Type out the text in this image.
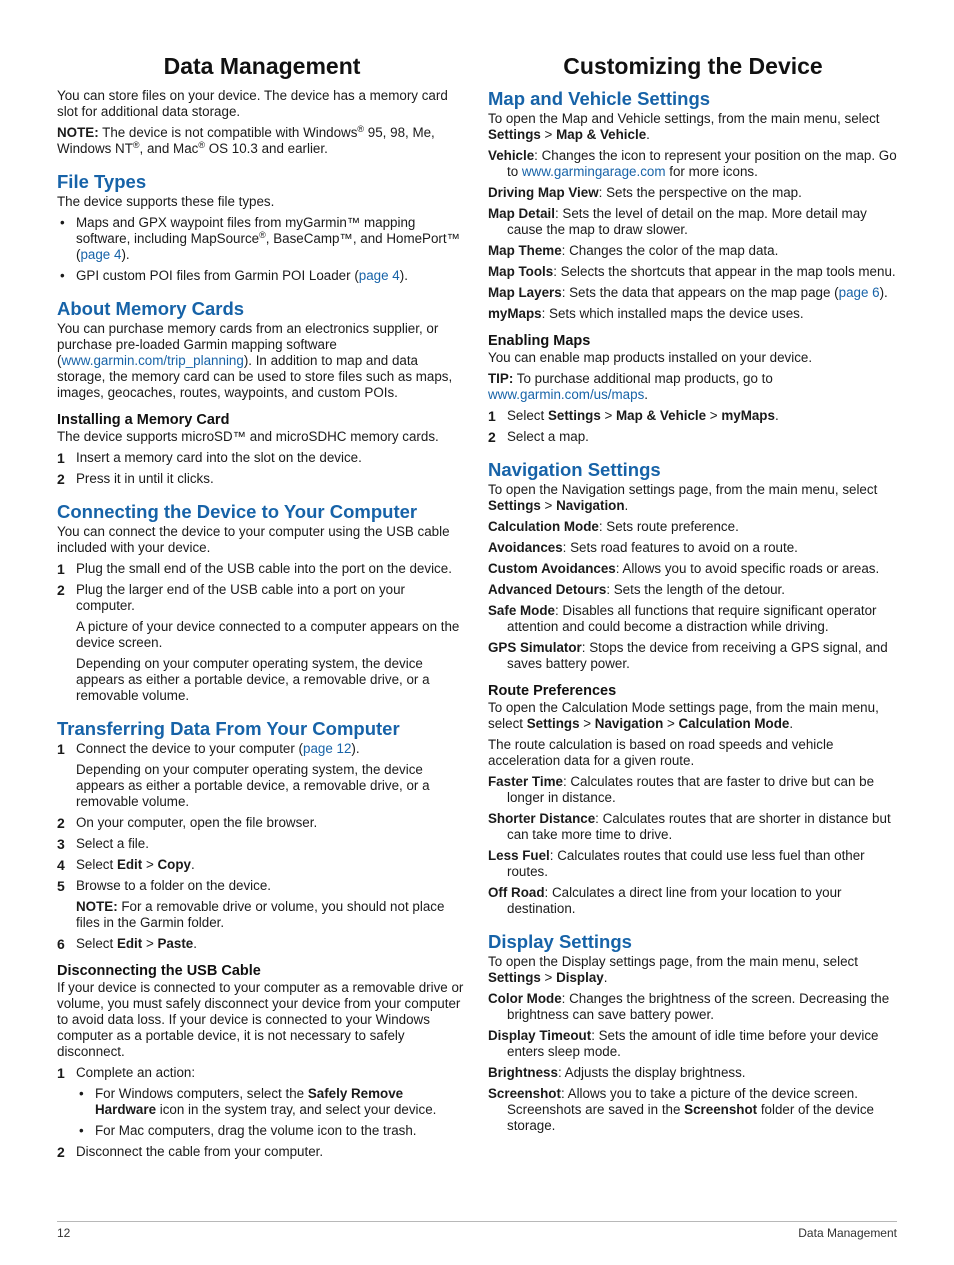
Data Management

You can store files on your device. The device has a memory card slot for additional data storage.

NOTE: The device is not compatible with Windows® 95, 98, Me, Windows NT®, and Mac® OS 10.3 and earlier.

File Types

The device supports these file types.

• Maps and GPX waypoint files from myGarmin™ mapping software, including MapSource®, BaseCamp™, and HomePort™ (page 4).
• GPI custom POI files from Garmin POI Loader (page 4).
About Memory Cards

You can purchase memory cards from an electronics supplier, or purchase pre-loaded Garmin mapping software (www.garmin.com/trip_planning). In addition to map and data storage, the memory card can be used to store files such as maps, images, geocaches, routes, waypoints, and custom POIs.

Installing a Memory Card

The device supports microSD™ and microSDHC memory cards.

1 Insert a memory card into the slot on the device.
2 Press it in until it clicks.
Connecting the Device to Your Computer

You can connect the device to your computer using the USB cable included with your device.

1 Plug the small end of the USB cable into the port on the device.
2 Plug the larger end of the USB cable into a port on your computer.

A picture of your device connected to a computer appears on the device screen.

Depending on your computer operating system, the device appears as either a portable device, a removable drive, or a removable volume.

Transferring Data From Your Computer
1 Connect the device to your computer (page 12).

Depending on your computer operating system, the device appears as either a portable device, a removable drive, or a removable volume.

2 On your computer, open the file browser.
3 Select a file.
4 Select Edit > Copy.
5 Browse to a folder on the device.

NOTE: For a removable drive or volume, you should not place files in the Garmin folder.

6 Select Edit > Paste.
Disconnecting the USB Cable

If your device is connected to your computer as a removable drive or volume, you must safely disconnect your device from your computer to avoid data loss. If your device is connected to your Windows computer as a portable device, it is not necessary to safely disconnect.

1 Complete an action:
• For Windows computers, select the Safely Remove Hardware icon in the system tray, and select your device.
• For Mac computers, drag the volume icon to the trash.
2 Disconnect the cable from your computer.
Customizing the Device
Map and Vehicle Settings

To open the Map and Vehicle settings, from the main menu, select Settings > Map & Vehicle.

Vehicle: Changes the icon to represent your position on the map. Go to www.garmingarage.com for more icons.

Driving Map View: Sets the perspective on the map.

Map Detail: Sets the level of detail on the map. More detail may cause the map to draw slower.

Map Theme: Changes the color of the map data.

Map Tools: Selects the shortcuts that appear in the map tools menu.

Map Layers: Sets the data that appears on the map page (page 6).

myMaps: Sets which installed maps the device uses.

Enabling Maps

You can enable map products installed on your device.

TIP: To purchase additional map products, go to www.garmin.com/us/maps.

1 Select Settings > Map & Vehicle > myMaps.
2 Select a map.
Navigation Settings

To open the Navigation settings page, from the main menu, select Settings > Navigation.

Calculation Mode: Sets route preference.

Avoidances: Sets road features to avoid on a route.

Custom Avoidances: Allows you to avoid specific roads or areas.

Advanced Detours: Sets the length of the detour.

Safe Mode: Disables all functions that require significant operator attention and could become a distraction while driving.

GPS Simulator: Stops the device from receiving a GPS signal, and saves battery power.

Route Preferences

To open the Calculation Mode settings page, from the main menu, select Settings > Navigation > Calculation Mode.

The route calculation is based on road speeds and vehicle acceleration data for a given route.

Faster Time: Calculates routes that are faster to drive but can be longer in distance.

Shorter Distance: Calculates routes that are shorter in distance but can take more time to drive.

Less Fuel: Calculates routes that could use less fuel than other routes.

Off Road: Calculates a direct line from your location to your destination.

Display Settings

To open the Display settings page, from the main menu, select Settings > Display.

Color Mode: Changes the brightness of the screen. Decreasing the brightness can save battery power.

Display Timeout: Sets the amount of idle time before your device enters sleep mode.

Brightness: Adjusts the display brightness.

Screenshot: Allows you to take a picture of the device screen. Screenshots are saved in the Screenshot folder of the device storage.

12	Data Management
